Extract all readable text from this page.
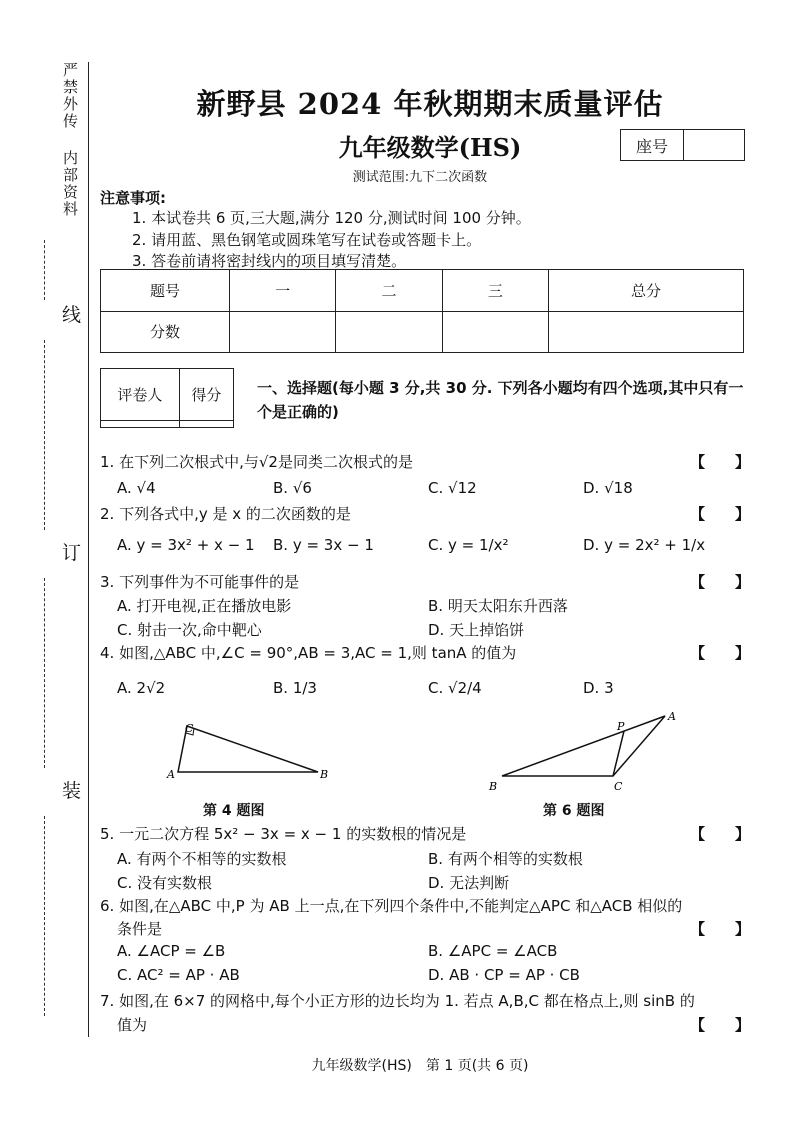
严禁外传
内部资料
线
订
装
新野县 2024 年秋期期末质量评估
九年级数学(HS)	座号
测试范围:九下二次函数
注意事项:
1. 本试卷共 6 页,三大题,满分 120 分,测试时间 100 分钟。
2. 请用蓝、黑色钢笔或圆珠笔写在试卷或答题卡上。
3. 答卷前请将密封线内的项目填写清楚。
题号	一	二	三	总分
分数				
评卷人	得分
	一、选择题(每小题 3 分,共 30 分. 下列各小题均有四个选项,其中只有一个是正确的)
1. 在下列二次根式中,与√2是同类二次根式的是	【　　】
A. √4	B. √6	C. √12	D. √18
2. 下列各式中,y 是 x 的二次函数的是	【　　】
A. y = 3x² + x − 1 B. y = 3x − 1	C. y = 1/x²	D. y = 2x² + 1/x
3. 下列事件为不可能事件的是	【　　】
A. 打开电视,正在播放电影	B. 明天太阳东升西落
C. 射击一次,命中靶心	D. 天上掉馅饼
4. 如图,△ABC 中,∠C = 90°,AB = 3,AC = 1,则 tanA 的值为	【　　】
A. 2√2	B. 1/3	C. √2/4	D. 3
C
A	B
第 4 题图
P
A
B	C
第 6 题图
5. 一元二次方程 5x² − 3x = x − 1 的实数根的情况是	【　　】
A. 有两个不相等的实数根	B. 有两个相等的实数根
C. 没有实数根	D. 无法判断
6. 如图,在△ABC 中,P 为 AB 上一点,在下列四个条件中,不能判定△APC 和△ACB 相似的
条件是	【　　】
A. ∠ACP = ∠B	B. ∠APC = ∠ACB
C. AC² = AP · AB	D. AB · CP = AP · CB
7. 如图,在 6×7 的网格中,每个小正方形的边长均为 1. 若点 A,B,C 都在格点上,则 sinB 的
值为	【　　】
九年级数学(HS)　第 1 页(共 6 页)
